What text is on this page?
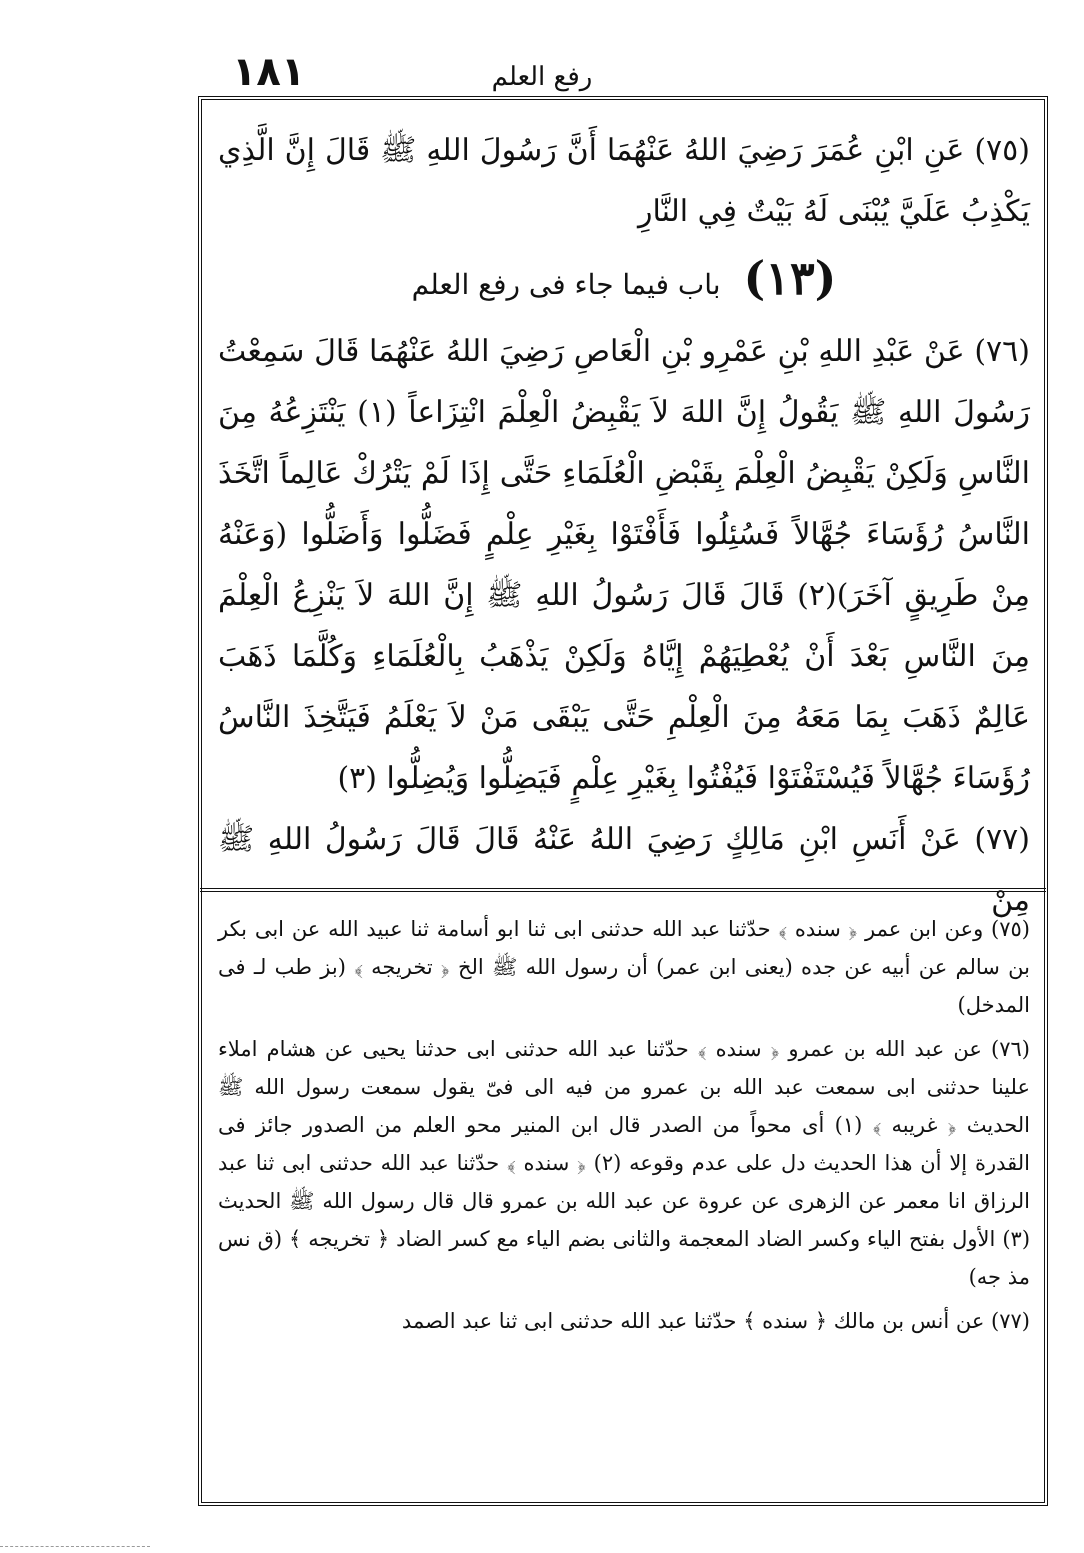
١٨١	رفع العلم

(٧٥) عَنِ ابْنِ عُمَرَ رَضِيَ اللهُ عَنْهُمَا أَنَّ رَسُولَ اللهِ ﷺ قَالَ إِنَّ الَّذِي يَكْذِبُ عَلَيَّ يُبْنَى لَهُ بَيْتٌ فِي النَّارِ

(١٣) باب فيما جاء فى رفع العلم

(٧٦) عَنْ عَبْدِ اللهِ بْنِ عَمْرِو بْنِ الْعَاصِ رَضِيَ اللهُ عَنْهُمَا قَالَ سَمِعْتُ رَسُولَ اللهِ ﷺ يَقُولُ إِنَّ اللهَ لاَ يَقْبِضُ الْعِلْمَ انْتِزَاعاً (١) يَنْتَزِعُهُ مِنَ النَّاسِ وَلَكِنْ يَقْبِضُ الْعِلْمَ بِقَبْضِ الْعُلَمَاءِ حَتَّى إِذَا لَمْ يَتْرُكْ عَالِماً اتَّخَذَ النَّاسُ رُؤَسَاءَ جُهَّالاً فَسُئِلُوا فَأَفْتَوْا بِغَيْرِ عِلْمٍ فَضَلُّوا وَأَضَلُّوا (وَعَنْهُ مِنْ طَرِيقٍ آخَرَ)(٢) قَالَ قَالَ رَسُولُ اللهِ ﷺ إِنَّ اللهَ لاَ يَنْزِعُ الْعِلْمَ مِنَ النَّاسِ بَعْدَ أَنْ يُعْطِيَهُمْ إِيَّاهُ وَلَكِنْ يَذْهَبُ بِالْعُلَمَاءِ وَكُلَّمَا ذَهَبَ عَالِمٌ ذَهَبَ بِمَا مَعَهُ مِنَ الْعِلْمِ حَتَّى يَبْقَى مَنْ لاَ يَعْلَمُ فَيَتَّخِذَ النَّاسُ رُؤَسَاءَ جُهَّالاً فَيُسْتَفْتَوْا فَيُفْتُوا بِغَيْرِ عِلْمٍ فَيَضِلُّوا وَيُضِلُّوا (٣)

(٧٧) عَنْ أَنَسِ ابْنِ مَالِكٍ رَضِيَ اللهُ عَنْهُ قَالَ قَالَ رَسُولُ اللهِ ﷺ مِنْ

(٧٥) وعن ابن عمر ﴿ سنده ﴾ حدّثنا عبد الله حدثنى ابى ثنا ابو أسامة ثنا عبيد الله عن ابى بكر بن سالم عن أبيه عن جده (يعنى ابن عمر) أن رسول الله ﷺ الخ ﴿ تخريجه ﴾ (بز طب لـ فى المدخل)

(٧٦) عن عبد الله بن عمرو ﴿ سنده ﴾ حدّثنا عبد الله حدثنى ابى حدثنا يحيى عن هشام املاء علينا حدثنى ابى سمعت عبد الله بن عمرو من فيه الى فىّ يقول سمعت رسول الله ﷺ الحديث ﴿ غريبه ﴾ (١) أى محواً من الصدر قال ابن المنير محو العلم من الصدور جائز فى القدرة إلا أن هذا الحديث دل على عدم وقوعه (٢) ﴿ سنده ﴾ حدّثنا عبد الله حدثنى ابى ثنا عبد الرزاق انا معمر عن الزهرى عن عروة عن عبد الله بن عمرو قال قال رسول الله ﷺ الحديث (٣) الأول بفتح الياء وكسر الضاد المعجمة والثانى بضم الياء مع كسر الضاد ﴿ تخريجه ﴾ (ق نس مذ جه)

(٧٧) عن أنس بن مالك ﴿ سنده ﴾ حدّثنا عبد الله حدثنى ابى ثنا عبد الصمد
